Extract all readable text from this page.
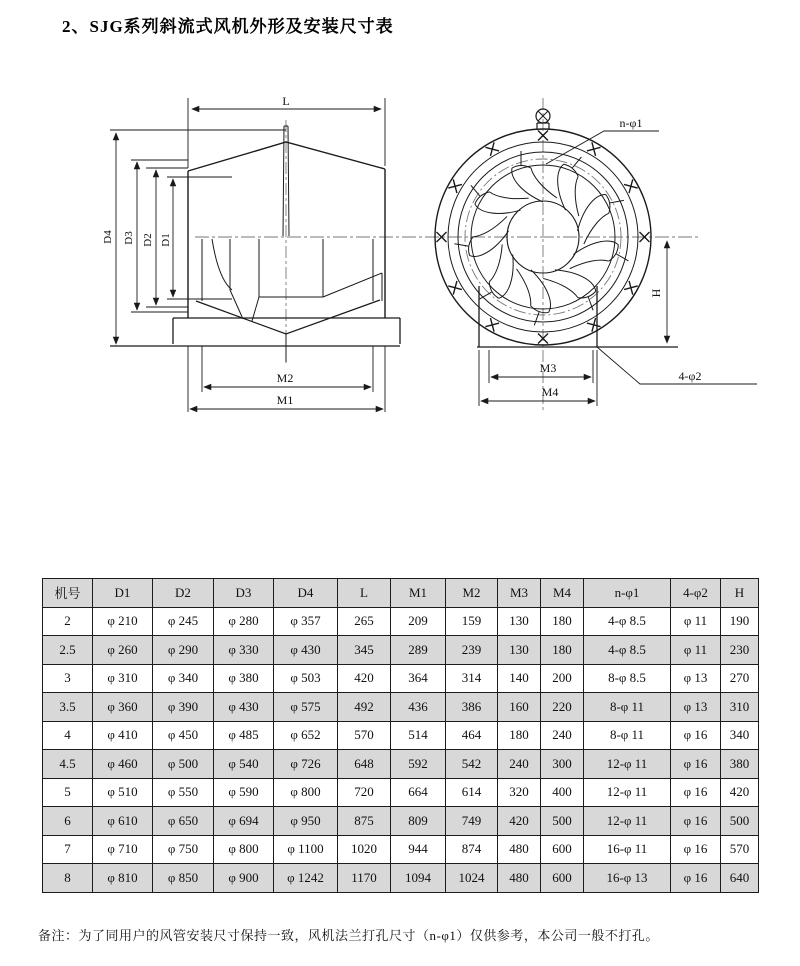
2、SJG系列斜流式风机外形及安装尺寸表
L
D4 D3 D2 D1
M2
M1
n-φ1
H
M3
M4
4-φ2
机号	D1	D2	D3	D4	L	M1	M2	M3	M4	n-φ1	4-φ2	H
2	φ 210	φ 245	φ 280	φ 357	265	209	159	130	180	4-φ 8.5	φ 11	190
2.5	φ 260	φ 290	φ 330	φ 430	345	289	239	130	180	4-φ 8.5	φ 11	230
3	φ 310	φ 340	φ 380	φ 503	420	364	314	140	200	8-φ 8.5	φ 13	270
3.5	φ 360	φ 390	φ 430	φ 575	492	436	386	160	220	8-φ 11	φ 13	310
4	φ 410	φ 450	φ 485	φ 652	570	514	464	180	240	8-φ 11	φ 16	340
4.5	φ 460	φ 500	φ 540	φ 726	648	592	542	240	300	12-φ 11	φ 16	380
5	φ 510	φ 550	φ 590	φ 800	720	664	614	320	400	12-φ 11	φ 16	420
6	φ 610	φ 650	φ 694	φ 950	875	809	749	420	500	12-φ 11	φ 16	500
7	φ 710	φ 750	φ 800	φ 1100	1020	944	874	480	600	16-φ 11	φ 16	570
8	φ 810	φ 850	φ 900	φ 1242	1170	1094	1024	480	600	16-φ 13	φ 16	640
备注：为了同用户的风管安装尺寸保持一致，风机法兰打孔尺寸（n-φ1）仅供参考，本公司一般不打孔。
